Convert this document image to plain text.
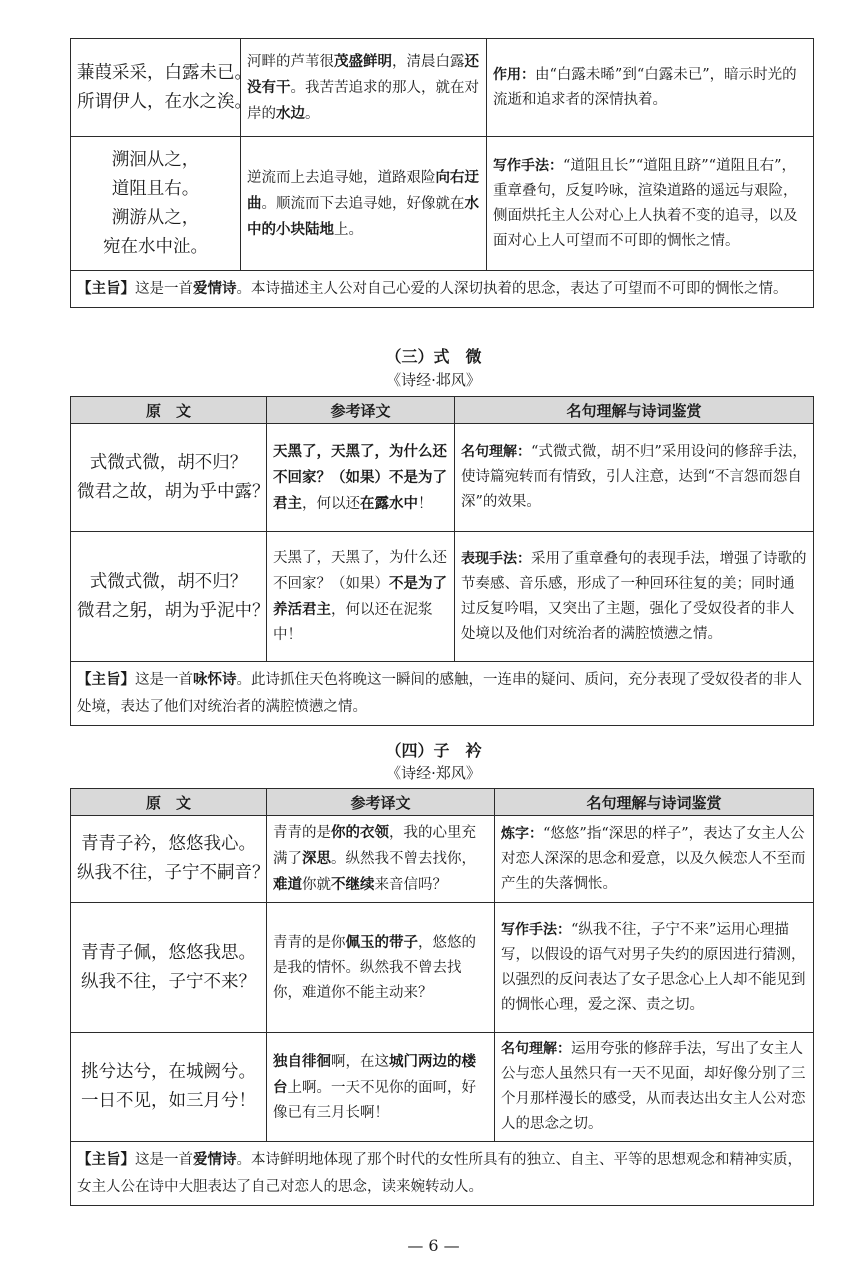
蒹葭采采，白露未已。
所谓伊人，在水之涘。	河畔的芦苇很茂盛鲜明，清晨白露还没有干。我苦苦追求的那人，就在对岸的水边。	作用：由“白露未晞”到“白露未已”，暗示时光的流逝和追求者的深情执着。

溯洄从之，
道阻且右。
溯游从之，
宛在水中沚。	逆流而上去追寻她，道路艰险向右迂曲。顺流而下去追寻她，好像就在水中的小块陆地上。	写作手法：“道阻且长”“道阻且跻”“道阻且右”，重章叠句，反复吟咏，渲染道路的遥远与艰险，侧面烘托主人公对心上人执着不变的追寻，以及面对心上人可望而不可即的惆怅之情。
【主旨】这是一首爱情诗。本诗描述主人公对自己心爱的人深切执着的思念，表达了可望而不可即的惆怅之情。		
（三）式　微
《诗经·邶风》
原　文	参考译文	名句理解与诗词鉴赏

式微式微，胡不归？
微君之故，胡为乎中露？	天黑了，天黑了，为什么还不回家？（如果）不是为了君主，何以还在露水中！	名句理解：“式微式微，胡不归”采用设问的修辞手法，使诗篇宛转而有情致，引人注意，达到“不言怨而怨自深”的效果。

式微式微，胡不归？
微君之躬，胡为乎泥中？	天黑了，天黑了，为什么还不回家？（如果）不是为了养活君主，何以还在泥浆中！	表现手法：采用了重章叠句的表现手法，增强了诗歌的节奏感、音乐感，形成了一种回环往复的美；同时通过反复吟唱，又突出了主题，强化了受奴役者的非人处境以及他们对统治者的满腔愤懑之情。
【主旨】这是一首咏怀诗。此诗抓住天色将晚这一瞬间的感触，一连串的疑问、质问，充分表现了受奴役者的非人处境，表达了他们对统治者的满腔愤懑之情。		
（四）子　衿
《诗经·郑风》
原　文	参考译文	名句理解与诗词鉴赏

青青子衿，悠悠我心。
纵我不往，子宁不嗣音？	青青的是你的衣领，我的心里充满了深思。纵然我不曾去找你，难道你就不继续来音信吗？	炼字：“悠悠”指“深思的样子”，表达了女主人公对恋人深深的思念和爱意，以及久候恋人不至而产生的失落惆怅。

青青子佩，悠悠我思。
纵我不往，子宁不来？	青青的是你佩玉的带子，悠悠的是我的情怀。纵然我不曾去找你，难道你不能主动来？	写作手法：“纵我不往，子宁不来”运用心理描写，以假设的语气对男子失约的原因进行猜测，以强烈的反问表达了女子思念心上人却不能见到的惆怅心理，爱之深、责之切。

挑兮达兮，在城阙兮。
一日不见，如三月兮！	独自徘徊啊，在这城门两边的楼台上啊。一天不见你的面呵，好像已有三月长啊！	名句理解：运用夸张的修辞手法，写出了女主人公与恋人虽然只有一天不见面，却好像分别了三个月那样漫长的感受，从而表达出女主人公对恋人的思念之切。
【主旨】这是一首爱情诗。本诗鲜明地体现了那个时代的女性所具有的独立、自主、平等的思想观念和精神实质，女主人公在诗中大胆表达了自己对恋人的思念，读来婉转动人。		
— 6 —
